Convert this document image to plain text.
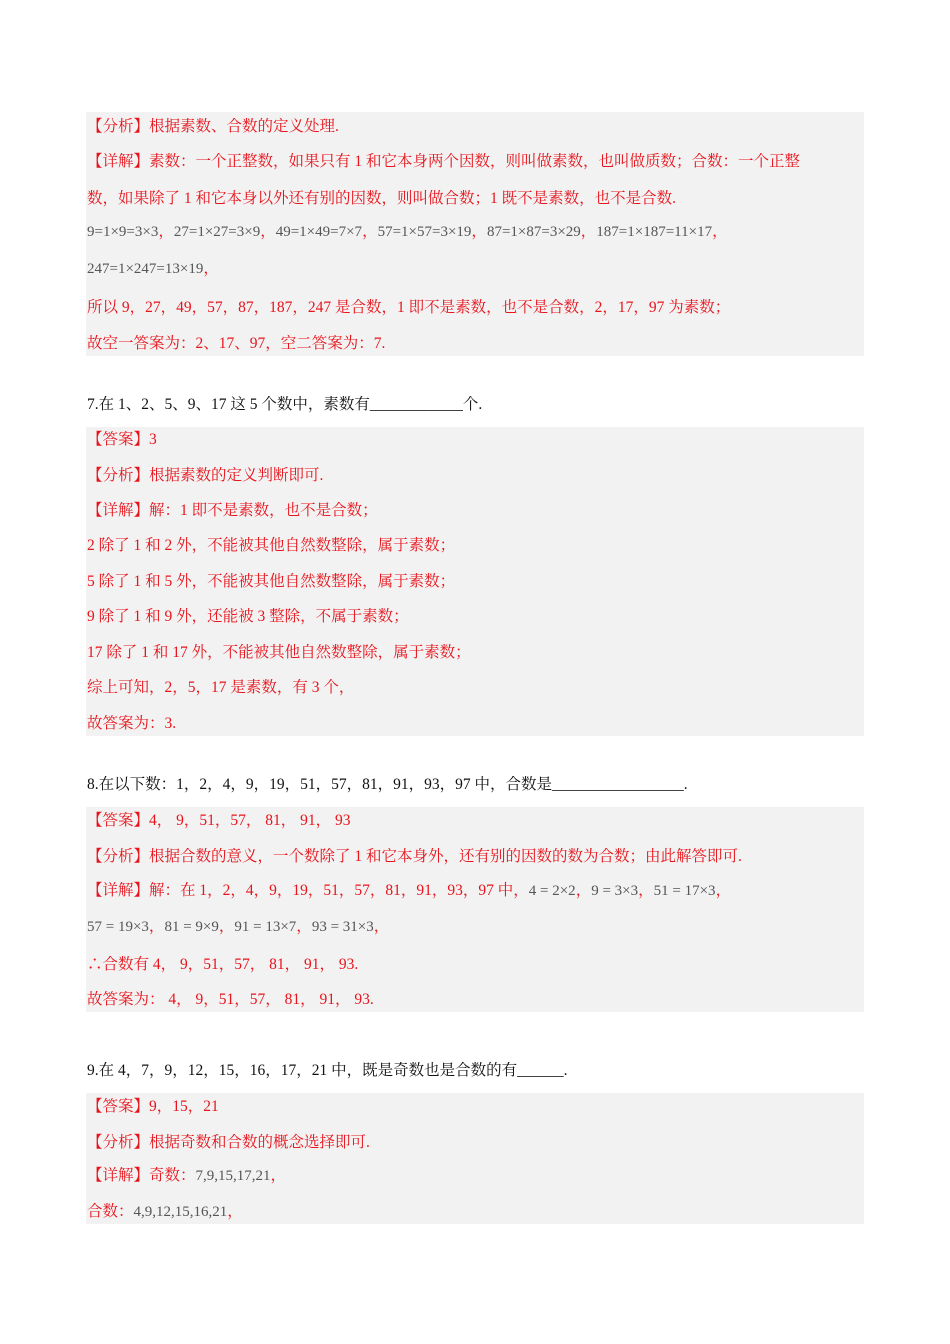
【分析】根据素数、合数的定义处理.
【详解】素数：一个正整数，如果只有 1 和它本身两个因数，则叫做素数，也叫做质数；合数：一个正整
数，如果除了 1 和它本身以外还有别的因数，则叫做合数；1 既不是素数，也不是合数.
9=1×9=3×3，27=1×27=3×9，49=1×49=7×7，57=1×57=3×19，87=1×87=3×29，187=1×187=11×17，
247=1×247=13×19，
所以 9，27，49，57，87，187，247 是合数，1 即不是素数，也不是合数，2，17，97 为素数；
故空一答案为：2、17、97，空二答案为：7.
7.在 1、2、5、9、17 这 5 个数中，素数有____________个.
【答案】3
【分析】根据素数的定义判断即可.
【详解】解：1 即不是素数，也不是合数；
2 除了 1 和 2 外，不能被其他自然数整除，属于素数；
5 除了 1 和 5 外，不能被其他自然数整除，属于素数；
9 除了 1 和 9 外，还能被 3 整除，不属于素数；
17 除了 1 和 17 外，不能被其他自然数整除，属于素数；
综上可知，2，5，17 是素数，有 3 个，
故答案为：3.
8.在以下数：1，2，4，9，19，51，57，81，91，93，97 中，合数是_________________.
【答案】4， 9，51，57， 81， 91， 93
【分析】根据合数的意义，一个数除了 1 和它本身外，还有别的因数的数为合数；由此解答即可.
【详解】解：在 1，2，4，9，19，51，57，81，91，93，97 中，4 = 2×2，9 = 3×3，51 = 17×3，
57 = 19×3，81 = 9×9，91 = 13×7，93 = 31×3，
∴合数有 4， 9，51，57， 81， 91， 93.
故答案为： 4， 9，51，57， 81， 91， 93.
9.在 4，7，9，12，15，16，17，21 中，既是奇数也是合数的有______.
【答案】9，15，21
【分析】根据奇数和合数的概念选择即可.
【详解】奇数：7,9,15,17,21，
合数：4,9,12,15,16,21，
